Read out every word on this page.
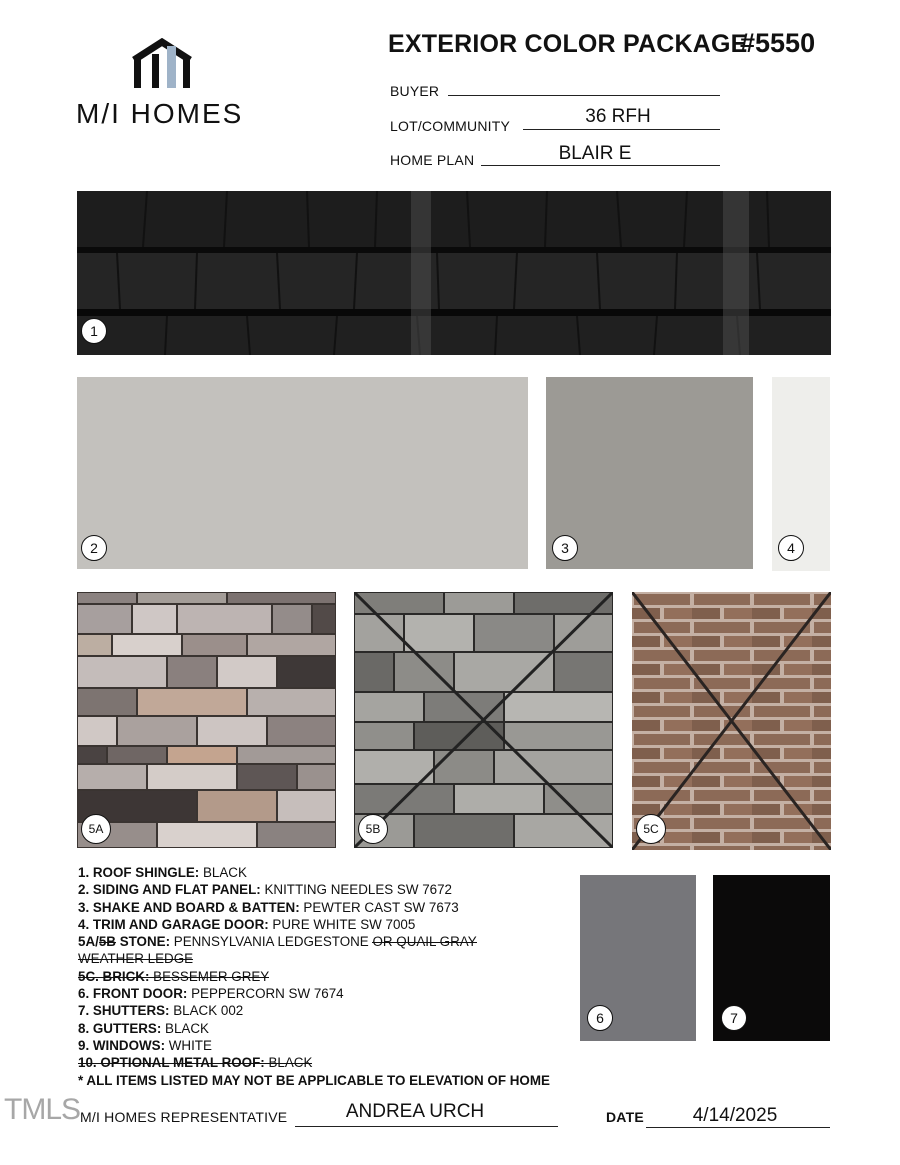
M/I HOMES
EXTERIOR COLOR PACKAGE
#5550
BUYER
LOT/COMMUNITY	36 RFH
HOME PLAN	BLAIR E
1
2	3	4
5A	5B	5C
6	7
1. ROOF SHINGLE: BLACK
2. SIDING AND FLAT PANEL: KNITTING NEEDLES SW 7672
3. SHAKE AND BOARD & BATTEN: PEWTER CAST SW 7673
4. TRIM AND GARAGE DOOR: PURE WHITE SW 7005
5A/5B STONE: PENNSYLVANIA LEDGESTONE OR QUAIL GRAY
WEATHER LEDGE
5C. BRICK: BESSEMER GREY
6. FRONT DOOR: PEPPERCORN SW 7674
7. SHUTTERS: BLACK 002
8. GUTTERS: BLACK
9. WINDOWS: WHITE
10. OPTIONAL METAL ROOF: BLACK
* ALL ITEMS LISTED MAY NOT BE APPLICABLE TO ELEVATION OF HOME
M/I HOMES REPRESENTATIVE	ANDREA URCH	DATE	4/14/2025
TMLS
